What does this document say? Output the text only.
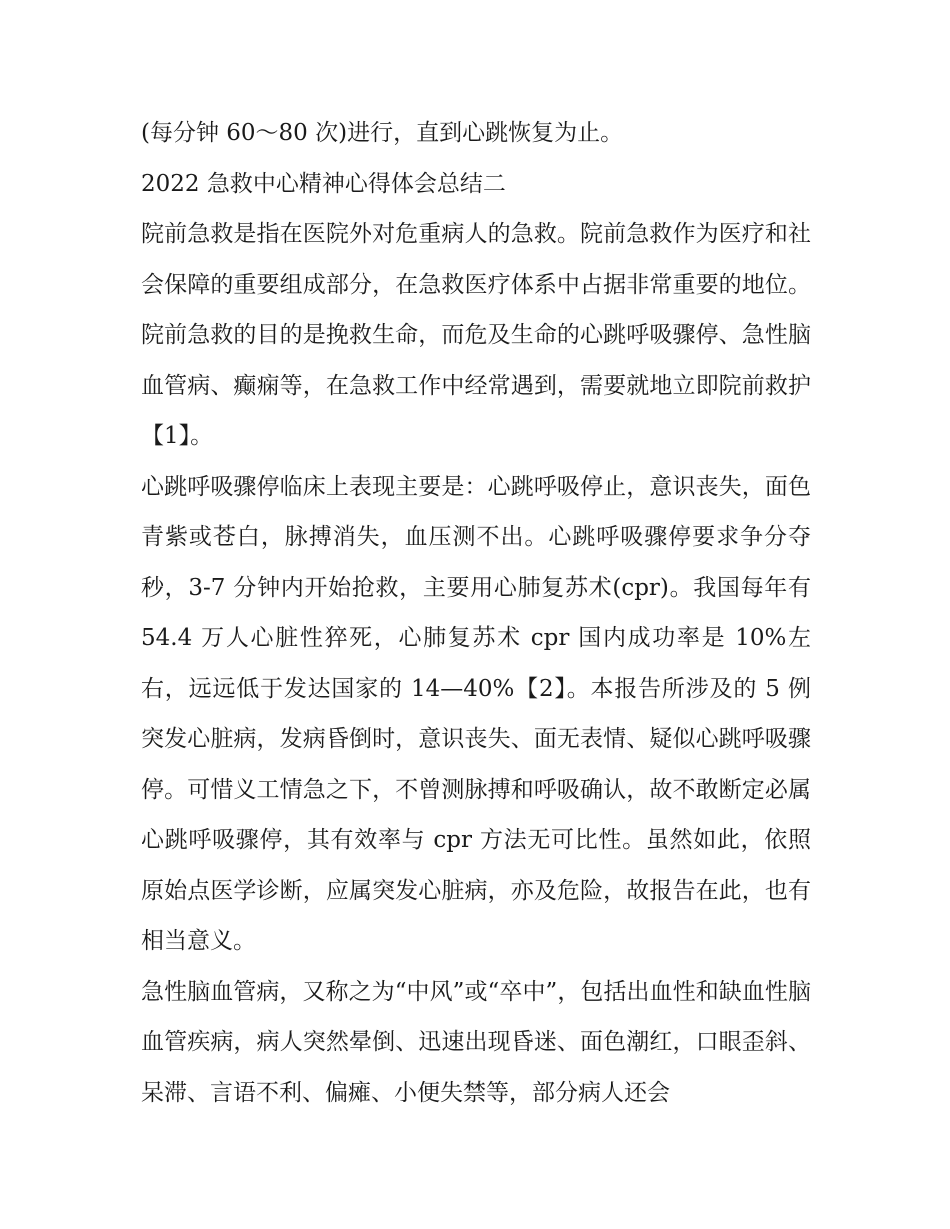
(每分钟 60～80 次)进行，直到心跳恢复为止。

2022 急救中心精神心得体会总结二

院前急救是指在医院外对危重病人的急救。院前急救作为医疗和社会保障的重要组成部分，在急救医疗体系中占据非常重要的地位。院前急救的目的是挽救生命，而危及生命的心跳呼吸骤停、急性脑血管病、癫痫等，在急救工作中经常遇到，需要就地立即院前救护【1】。

心跳呼吸骤停临床上表现主要是：心跳呼吸停止，意识丧失，面色青紫或苍白，脉搏消失，血压测不出。心跳呼吸骤停要求争分夺秒，3-7 分钟内开始抢救，主要用心肺复苏术(cpr)。我国每年有 54.4 万人心脏性猝死，心肺复苏术 cpr 国内成功率是 10%左右，远远低于发达国家的 14—40%【2】。本报告所涉及的 5 例突发心脏病，发病昏倒时，意识丧失、面无表情、疑似心跳呼吸骤停。可惜义工情急之下，不曾测脉搏和呼吸确认，故不敢断定必属心跳呼吸骤停，其有效率与 cpr 方法无可比性。虽然如此，依照原始点医学诊断，应属突发心脏病，亦及危险，故报告在此，也有相当意义。

急性脑血管病，又称之为“中风”或“卒中”，包括出血性和缺血性脑血管疾病，病人突然晕倒、迅速出现昏迷、面色潮红，口眼歪斜、呆滞、言语不利、偏瘫、小便失禁等，部分病人还会
